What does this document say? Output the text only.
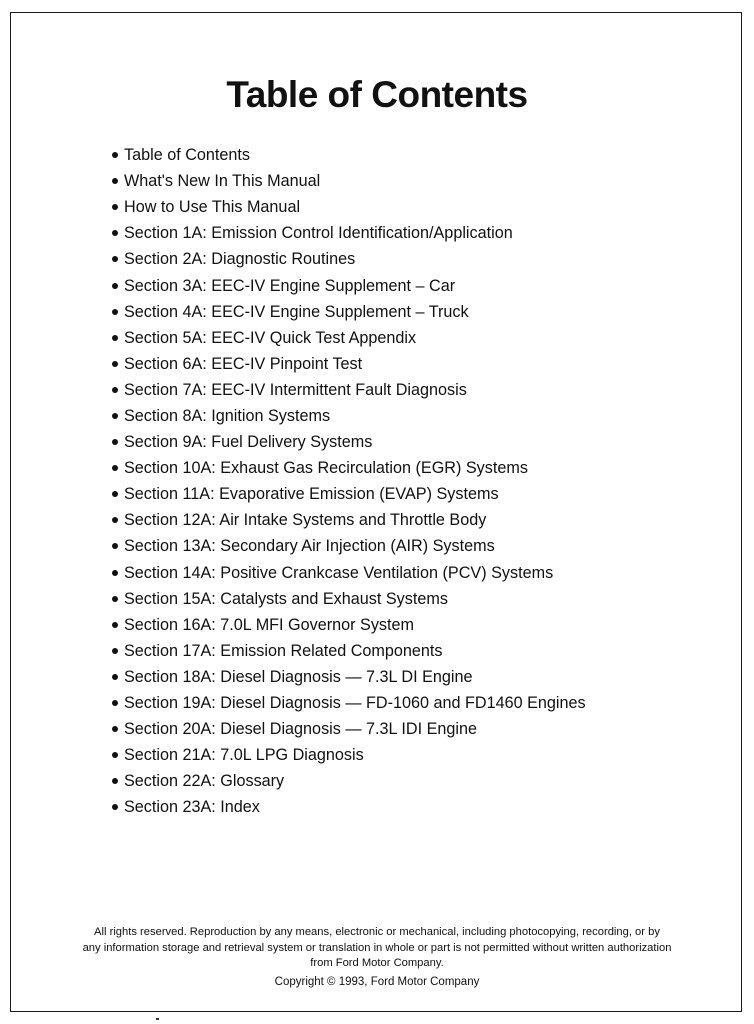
Table of Contents
Table of Contents
What's New In This Manual
How to Use This Manual
Section 1A: Emission Control Identification/Application
Section 2A: Diagnostic Routines
Section 3A: EEC-IV Engine Supplement – Car
Section 4A: EEC-IV Engine Supplement – Truck
Section 5A: EEC-IV Quick Test Appendix
Section 6A: EEC-IV Pinpoint Test
Section 7A: EEC-IV Intermittent Fault Diagnosis
Section 8A: Ignition Systems
Section 9A: Fuel Delivery Systems
Section 10A: Exhaust Gas Recirculation (EGR) Systems
Section 11A: Evaporative Emission (EVAP) Systems
Section 12A: Air Intake Systems and Throttle Body
Section 13A: Secondary Air Injection (AIR) Systems
Section 14A: Positive Crankcase Ventilation (PCV) Systems
Section 15A: Catalysts and Exhaust Systems
Section 16A: 7.0L MFI Governor System
Section 17A: Emission Related Components
Section 18A: Diesel Diagnosis — 7.3L DI Engine
Section 19A: Diesel Diagnosis — FD-1060 and FD1460 Engines
Section 20A: Diesel Diagnosis — 7.3L IDI Engine
Section 21A: 7.0L LPG Diagnosis
Section 22A: Glossary
Section 23A: Index

All rights reserved. Reproduction by any means, electronic or mechanical, including photocopying, recording, or by

any information storage and retrieval system or translation in whole or part is not permitted without written authorization

from Ford Motor Company.

Copyright © 1993, Ford Motor Company
